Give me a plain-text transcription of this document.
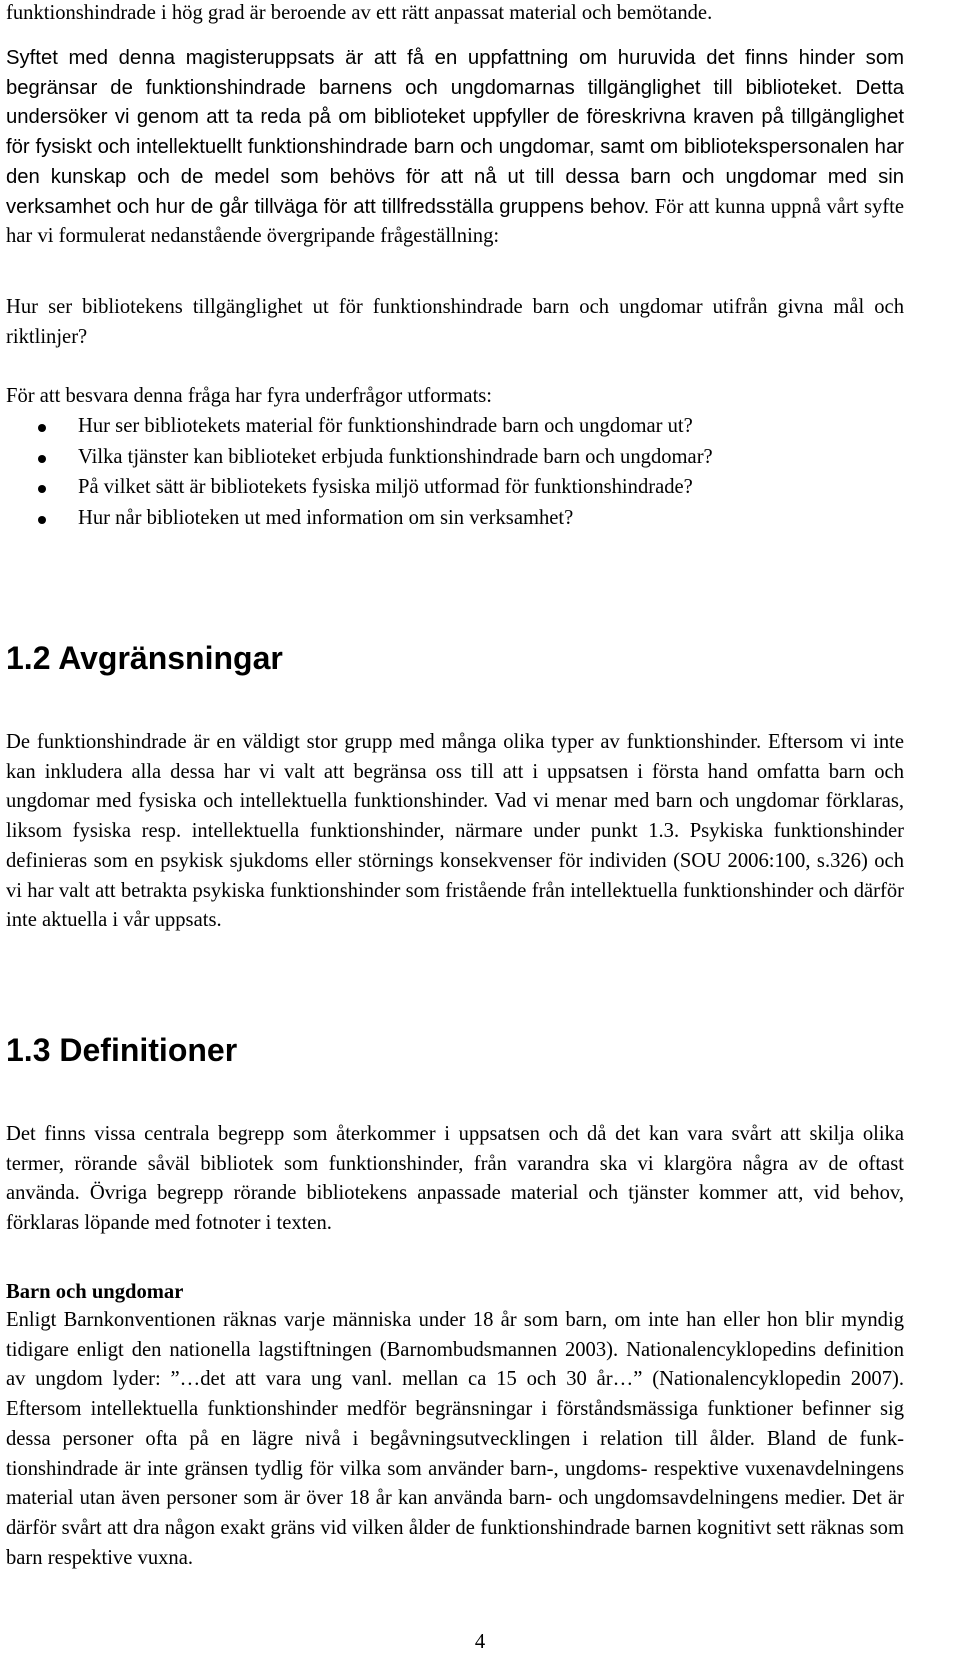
funktionshindrade i hög grad är beroende av ett rätt anpassat material och bemötande.

Syftet med denna magisteruppsats är att få en uppfattning om huruvida det finns hinder som begränsar de funktionshindrade barnens och ungdomarnas tillgänglighet till biblioteket. Detta undersöker vi genom att ta reda på om biblioteket uppfyller de föreskrivna kraven på tillgänglighet för fysiskt och intellektuellt funktionshindrade barn och ungdomar, samt om bibliotekspersonalen har den kunskap och de medel som behövs för att nå ut till dessa barn och ungdomar med sin verksamhet och hur de går tillväga för att tillfredsställa gruppens behov. För att kunna uppnå vårt syfte har vi formulerat nedanstående övergripande frågeställning:

Hur ser bibliotekens tillgänglighet ut för funktionshindrade barn och ungdomar utifrån givna mål och riktlinjer?

För att besvara denna fråga har fyra underfrågor utformats:

Hur ser bibliotekets material för funktionshindrade barn och ungdomar ut?
Vilka tjänster kan biblioteket erbjuda funktionshindrade barn och ungdomar?
På vilket sätt är bibliotekets fysiska miljö utformad för funktionshindrade?
Hur når biblioteken ut med information om sin verksamhet?
1.2 Avgränsningar

De funktionshindrade är en väldigt stor grupp med många olika typer av funktionshinder. Eftersom vi inte kan inkludera alla dessa har vi valt att begränsa oss till att i uppsatsen i första hand omfatta barn och ungdomar med fysiska och intellektuella funktionshinder. Vad vi menar med barn och ungdomar förklaras, liksom fysiska resp. intellektuella funktionshinder, närmare under punkt 1.3. Psykiska funktionshinder definieras som en psykisk sjukdoms eller störnings konsekvenser för individen (SOU 2006:100, s.326) och vi har valt att betrakta psykiska funktionshinder som fristående från intellektuella funktionshinder och därför inte aktuella i vår uppsats.

1.3 Definitioner

Det finns vissa centrala begrepp som återkommer i uppsatsen och då det kan vara svårt att skilja olika termer, rörande såväl bibliotek som funktionshinder, från varandra ska vi klargöra några av de oftast använda. Övriga begrepp rörande bibliotekens anpassade material och tjänster kommer att, vid behov, förklaras löpande med fotnoter i texten.

Barn och ungdomar

Enligt Barnkonventionen räknas varje människa under 18 år som barn, om inte han eller hon blir myndig tidigare enligt den nationella lagstiftningen (Barnombudsmannen 2003). Nationalencyklopedins definition av ungdom lyder: ”…det att vara ung vanl. mellan ca 15 och 30 år…” (Nationalencyklopedin 2007). Eftersom intellektuella funktionshinder medför begränsningar i förståndsmässiga funktioner befinner sig dessa personer ofta på en lägre nivå i begåvningsutvecklingen i relation till ålder. Bland de funktionshindrade är inte gränsen tydlig för vilka som använder barn-, ungdoms- respektive vuxenavdelningens material utan även personer som är över 18 år kan använda barn- och ungdomsavdelningens medier. Det är därför svårt att dra någon exakt gräns vid vilken ålder de funktionshindrade barnen kognitivt sett räknas som barn respektive vuxna.

4
